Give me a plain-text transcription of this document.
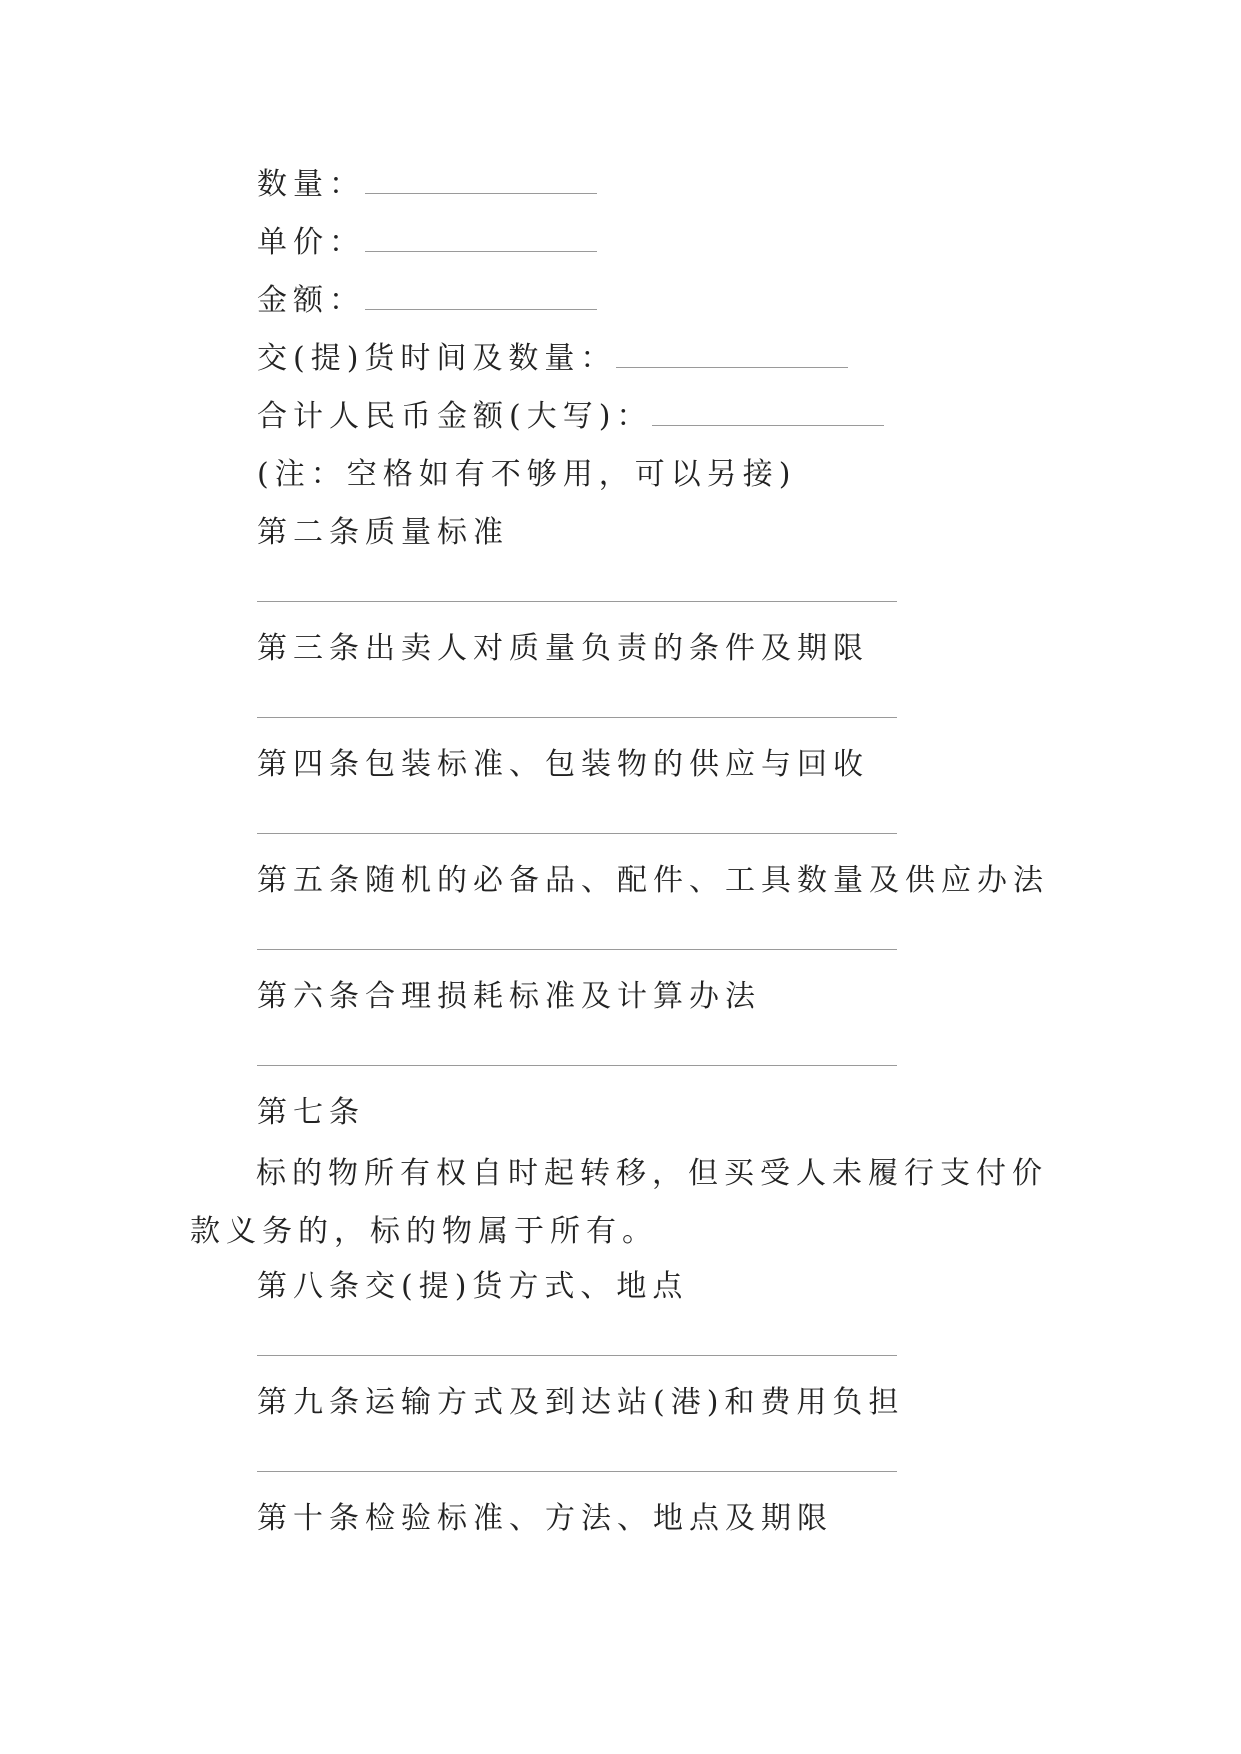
数量：
单价：
金额：
交(提)货时间及数量：
合计人民币金额(大写)：
(注：空格如有不够用，可以另接)
第二条质量标准
第三条出卖人对质量负责的条件及期限
第四条包装标准、包装物的供应与回收
第五条随机的必备品、配件、工具数量及供应办法
第六条合理损耗标准及计算办法
第七条
标的物所有权自时起转移，但买受人未履行支付价款义务的，标的物属于所有。
第八条交(提)货方式、地点
第九条运输方式及到达站(港)和费用负担
第十条检验标准、方法、地点及期限
